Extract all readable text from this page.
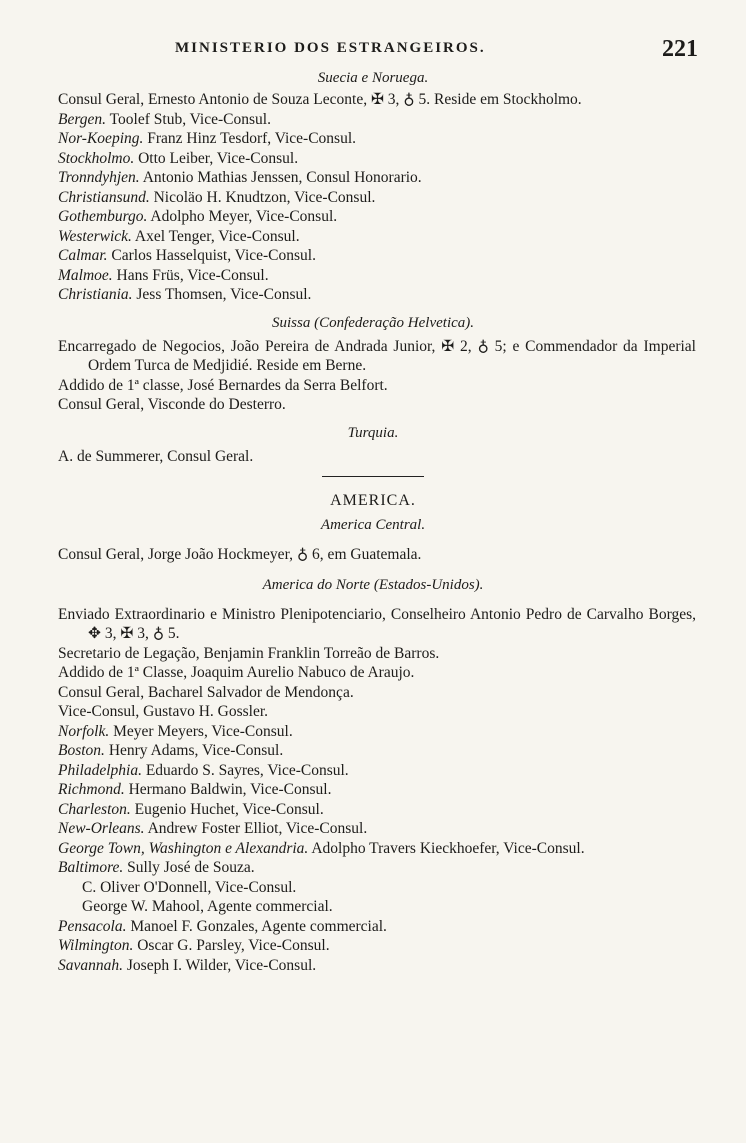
MINISTERIO DOS ESTRANGEIROS.	221
Suecia e Noruega.
Consul Geral, Ernesto Antonio de Souza Leconte, ✠ 3, ♁ 5. Reside em Stockholmo.
Bergen. Toolef Stub, Vice-Consul.
Nor-Koeping. Franz Hinz Tesdorf, Vice-Consul.
Stockholmo. Otto Leiber, Vice-Consul.
Tronndyhjen. Antonio Mathias Jenssen, Consul Honorario.
Christiansund. Nicoläo H. Knudtzon, Vice-Consul.
Gothemburgo. Adolpho Meyer, Vice-Consul.
Westerwick. Axel Tenger, Vice-Consul.
Calmar. Carlos Hasselquist, Vice-Consul.
Malmoe. Hans Früs, Vice-Consul.
Christiania. Jess Thomsen, Vice-Consul.
Suissa (Confederação Helvetica).
Encarregado de Negocios, João Pereira de Andrada Junior, ✠ 2, ♁ 5; e Commendador da Imperial Ordem Turca de Medjidié. Reside em Berne.
Addido de 1ª classe, José Bernardes da Serra Belfort.
Consul Geral, Visconde do Desterro.
Turquia.
A. de Summerer, Consul Geral.
AMERICA.
America Central.
Consul Geral, Jorge João Hockmeyer, ♁ 6, em Guatemala.
America do Norte (Estados-Unidos).
Enviado Extraordinario e Ministro Plenipotenciario, Conselheiro Antonio Pedro de Carvalho Borges, ✥ 3, ✠ 3, ♁ 5.
Secretario de Legação, Benjamin Franklin Torreão de Barros.
Addido de 1ª Classe, Joaquim Aurelio Nabuco de Araujo.
Consul Geral, Bacharel Salvador de Mendonça.
Vice-Consul, Gustavo H. Gossler.
Norfolk. Meyer Meyers, Vice-Consul.
Boston. Henry Adams, Vice-Consul.
Philadelphia. Eduardo S. Sayres, Vice-Consul.
Richmond. Hermano Baldwin, Vice-Consul.
Charleston. Eugenio Huchet, Vice-Consul.
New-Orleans. Andrew Foster Elliot, Vice-Consul.
George Town, Washington e Alexandria. Adolpho Travers Kieckhoefer, Vice-Consul.
Baltimore. Sully José de Souza.
C. Oliver O'Donnell, Vice-Consul.
George W. Mahool, Agente commercial.
Pensacola. Manoel F. Gonzales, Agente commercial.
Wilmington. Oscar G. Parsley, Vice-Consul.
Savannah. Joseph I. Wilder, Vice-Consul.
